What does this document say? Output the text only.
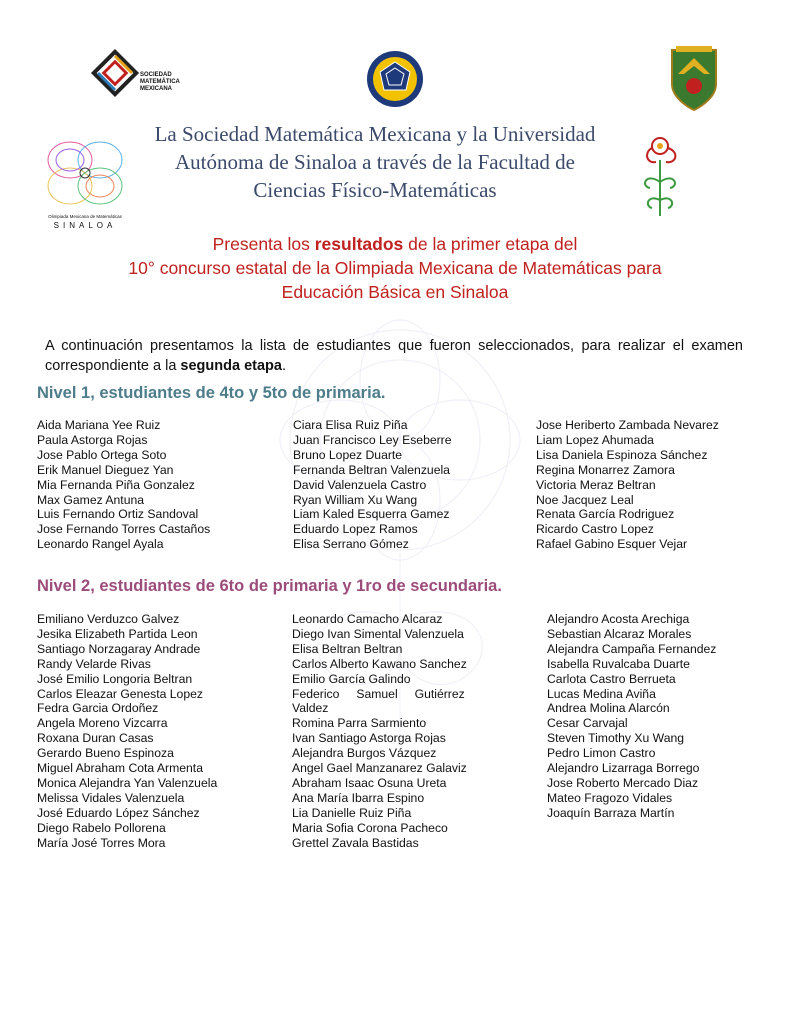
SOCIEDAD
MATEMÁTICA
MEXICANA
Olimpiada Mexicana de Matemáticas
SINALOA
La Sociedad Matemática Mexicana y la Universidad
Autónoma de Sinaloa a través de la Facultad de
Ciencias Físico-Matemáticas
Presenta los resultados de la primer etapa del
10° concurso estatal de la Olimpiada Mexicana de Matemáticas para
Educación Básica en Sinaloa
A continuación presentamos la lista de estudiantes que fueron seleccionados, para realizar el examen correspondiente a la segunda etapa.
Nivel 1, estudiantes de 4to y 5to de primaria.
Aida Mariana Yee Ruiz
Paula Astorga Rojas
Jose Pablo Ortega Soto
Erik Manuel Dieguez Yan
Mia Fernanda Piña Gonzalez
Max Gamez Antuna
Luis Fernando Ortiz Sandoval
Jose Fernando Torres Castaños
Leonardo Rangel Ayala
Ciara Elisa Ruiz Piña
Juan Francisco Ley Eseberre
Bruno Lopez Duarte
Fernanda Beltran Valenzuela
David Valenzuela Castro
Ryan William Xu Wang
Liam Kaled Esquerra Gamez
Eduardo Lopez Ramos
Elisa Serrano Gómez
Jose Heriberto Zambada Nevarez
Liam Lopez Ahumada
Lisa Daniela Espinoza Sánchez
Regina Monarrez Zamora
Victoria Meraz Beltran
Noe Jacquez Leal
Renata García Rodriguez
Ricardo Castro Lopez
Rafael Gabino Esquer Vejar
Nivel 2, estudiantes de 6to de primaria y 1ro de secundaria.
Emiliano Verduzco Galvez
Jesika Elizabeth Partida Leon
Santiago Norzagaray Andrade
Randy Velarde Rivas
José Emilio Longoria Beltran
Carlos Eleazar Genesta Lopez
Fedra Garcia Ordoñez
Angela Moreno Vizcarra
Roxana Duran Casas
Gerardo Bueno Espinoza
Miguel Abraham Cota Armenta
Monica Alejandra Yan Valenzuela
Melissa Vidales Valenzuela
José Eduardo López Sánchez
Diego Rabelo Pollorena
María José Torres Mora
Leonardo Camacho Alcaraz
Diego Ivan Simental Valenzuela
Elisa Beltran Beltran
Carlos Alberto Kawano Sanchez
Emilio García Galindo
Federico     Samuel     Gutiérrez
Valdez
Romina Parra Sarmiento
Ivan Santiago Astorga Rojas
Alejandra Burgos Vázquez
Angel Gael Manzanarez Galaviz
Abraham Isaac Osuna Ureta
Ana María Ibarra Espino
Lia Danielle Ruiz Piña
Maria Sofia Corona Pacheco
Grettel Zavala Bastidas
Alejandro Acosta Arechiga
Sebastian Alcaraz Morales
Alejandra Campaña Fernandez
Isabella Ruvalcaba Duarte
Carlota Castro Berrueta
Lucas Medina Aviña
Andrea Molina Alarcón
Cesar Carvajal
Steven Timothy Xu Wang
Pedro Limon Castro
Alejandro Lizarraga Borrego
Jose Roberto Mercado Diaz
Mateo Fragozo Vidales
Joaquín Barraza Martín
